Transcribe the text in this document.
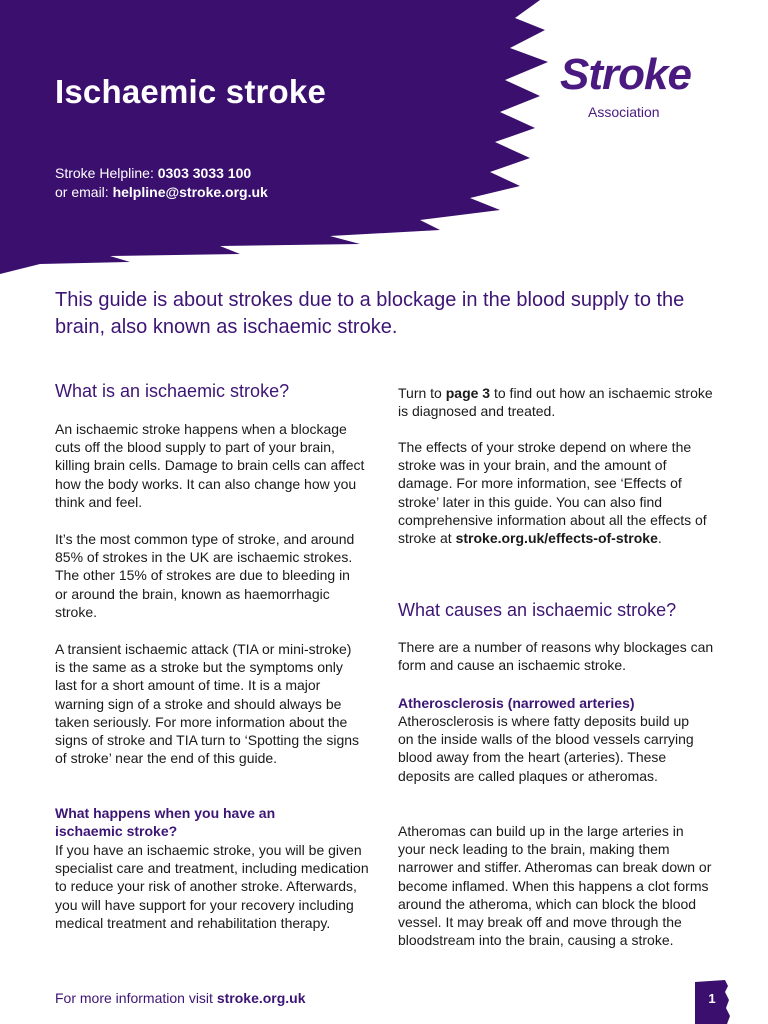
Ischaemic stroke
Stroke Helpline: 0303 3033 100
or email: helpline@stroke.org.uk
Stroke
Association
This guide is about strokes due to a blockage in the blood supply to the brain, also known as ischaemic stroke.
What is an ischaemic stroke?
An ischaemic stroke happens when a blockage cuts off the blood supply to part of your brain, killing brain cells. Damage to brain cells can affect how the body works. It can also change how you think and feel.
It’s the most common type of stroke, and around 85% of strokes in the UK are ischaemic strokes. The other 15% of strokes are due to bleeding in or around the brain, known as haemorrhagic stroke.
A transient ischaemic attack (TIA or mini-stroke) is the same as a stroke but the symptoms only last for a short amount of time. It is a major warning sign of a stroke and should always be taken seriously. For more information about the signs of stroke and TIA turn to ‘Spotting the signs of stroke’ near the end of this guide.
What happens when you have an ischaemic stroke?
If you have an ischaemic stroke, you will be given specialist care and treatment, including medication to reduce your risk of another stroke. Afterwards, you will have support for your recovery including medical treatment and rehabilitation therapy.
Turn to page 3 to find out how an ischaemic stroke is diagnosed and treated.
The effects of your stroke depend on where the stroke was in your brain, and the amount of damage. For more information, see ‘Effects of stroke’ later in this guide. You can also find comprehensive information about all the effects of stroke at stroke.org.uk/effects-of-stroke.
What causes an ischaemic stroke?
There are a number of reasons why blockages can form and cause an ischaemic stroke.
Atherosclerosis (narrowed arteries)
Atherosclerosis is where fatty deposits build up on the inside walls of the blood vessels carrying blood away from the heart (arteries). These deposits are called plaques or atheromas.
Atheromas can build up in the large arteries in your neck leading to the brain, making them narrower and stiffer. Atheromas can break down or become inflamed. When this happens a clot forms around the atheroma, which can block the blood vessel. It may break off and move through the bloodstream into the brain, causing a stroke.
For more information visit stroke.org.uk	1
